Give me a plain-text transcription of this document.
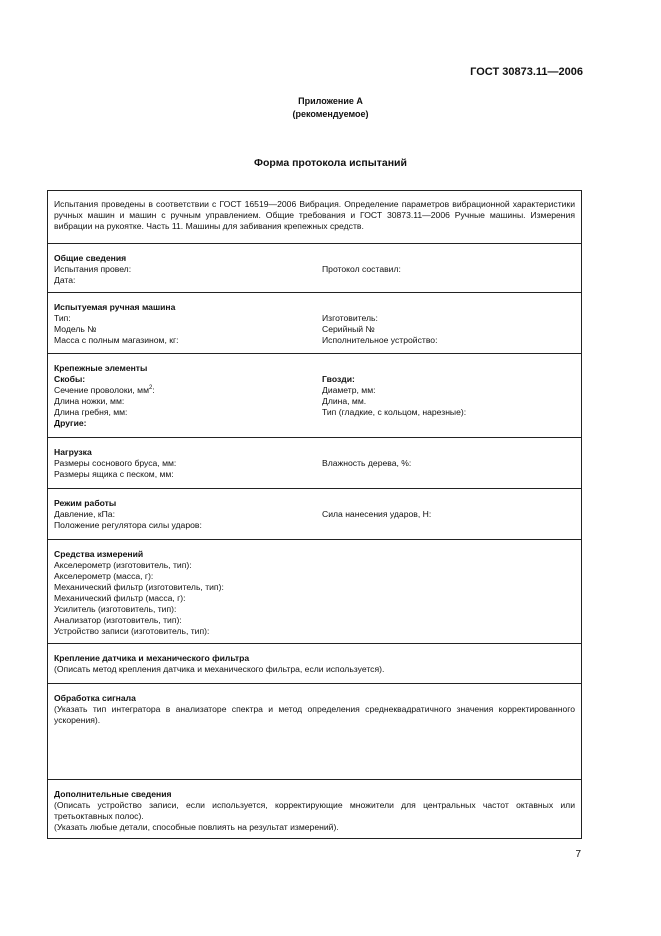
ГОСТ 30873.11—2006
Приложение А
(рекомендуемое)
Форма протокола испытаний
Испытания проведены в соответствии с ГОСТ 16519—2006 Вибрация. Определение параметров вибрационной характеристики ручных машин и машин с ручным управлением. Общие требования и ГОСТ 30873.11—2006 Ручные машины. Измерения вибрации на рукоятке. Часть 11. Машины для забивания крепежных средств.
Общие сведения
Испытания провел:	Протокол составил:
Дата:
Испытуемая ручная машина
Тип:	Изготовитель:
Модель №	Серийный №
Масса с полным магазином, кг:	Исполнительное устройство:
Крепежные элементы
Скобы:	Гвозди:
Сечение проволоки, $мм^2$:	Диаметр, мм:
Длина ножки, мм:	Длина, мм.
Длина гребня, мм:	Тип (гладкие, с кольцом, нарезные):
Другие:
Нагрузка
Размеры соснового бруса, мм:	Влажность дерева, %:
Размеры ящика с песком, мм:
Режим работы
Давление, кПа:	Сила нанесения ударов, Н:
Положение регулятора силы ударов:
Средства измерений
Акселерометр (изготовитель, тип):
Акселерометр (масса, г):
Механический фильтр (изготовитель, тип):
Механический фильтр (масса, г):
Усилитель (изготовитель, тип):
Анализатор (изготовитель, тип):
Устройство записи (изготовитель, тип):
Крепление датчика и механического фильтра
(Описать метод крепления датчика и механического фильтра, если используется).
Обработка сигнала
(Указать тип интегратора в анализаторе спектра и метод определения среднеквадратичного значения корректированного ускорения).
Дополнительные сведения
(Описать устройство записи, если используется, корректирующие множители для центральных частот октавных или третьоктавных полос).
(Указать любые детали, способные повлиять на результат измерений).
7
